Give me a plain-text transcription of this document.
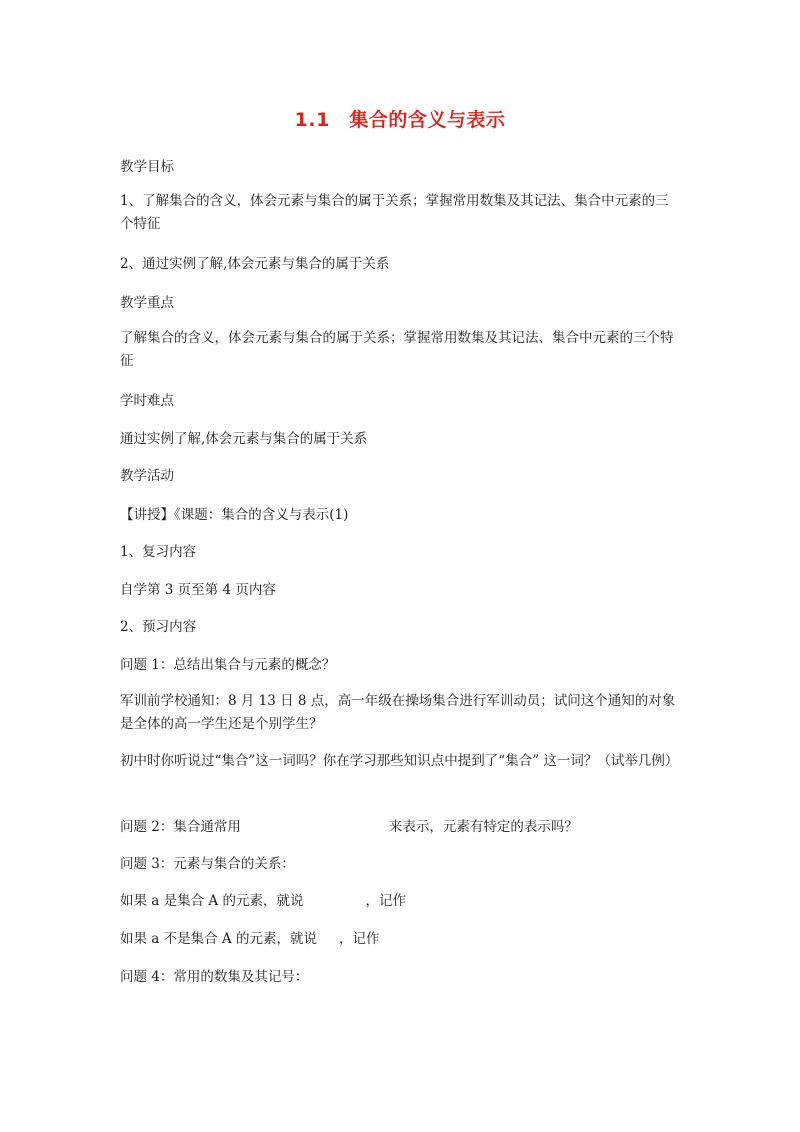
1.1　集合的含义与表示
教学目标
1、了解集合的含义，体会元素与集合的属于关系；掌握常用数集及其记法、集合中元素的三个特征
2、通过实例了解,体会元素与集合的属于关系
教学重点
了解集合的含义，体会元素与集合的属于关系；掌握常用数集及其记法、集合中元素的三个特征
学时难点
通过实例了解,体会元素与集合的属于关系
教学活动
【讲授】《课题：集合的含义与表示(1)
1、复习内容
自学第 3 页至第 4 页内容
2、预习内容
问题 1：总结出集合与元素的概念？
军训前学校通知：8 月 13 日 8 点，高一年级在操场集合进行军训动员；试问这个通知的对象是全体的高一学生还是个别学生？
初中时你听说过“集合”这一词吗？你在学习那些知识点中提到了“集合” 这一词？（试举几例）
问题 2：集合通常用	来表示，元素有特定的表示吗？
问题 3：元素与集合的关系：
如果 a 是集合 A 的元素，就说	，记作
如果 a 不是集合 A 的元素，就说 ，记作
问题 4：常用的数集及其记号：
